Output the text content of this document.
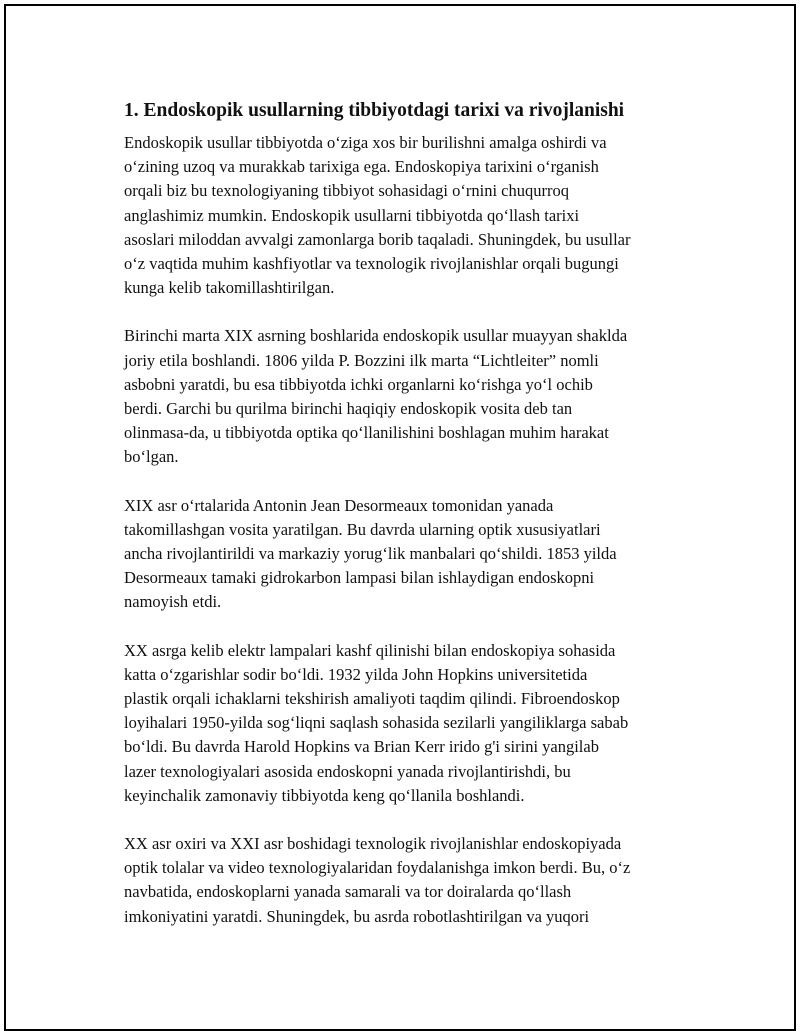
1. Endoskopik usullarning tibbiyotdagi tarixi va rivojlanishi

Endoskopik usullar tibbiyotda o‘ziga xos bir burilishni amalga oshirdi va
o‘zining uzoq va murakkab tarixiga ega. Endoskopiya tarixini o‘rganish
orqali biz bu texnologiyaning tibbiyot sohasidagi o‘rnini chuqurroq
anglashimiz mumkin. Endoskopik usullarni tibbiyotda qo‘llash tarixi
asoslari miloddan avvalgi zamonlarga borib taqaladi. Shuningdek, bu usullar
o‘z vaqtida muhim kashfiyotlar va texnologik rivojlanishlar orqali bugungi
kunga kelib takomillashtirilgan.

Birinchi marta XIX asrning boshlarida endoskopik usullar muayyan shaklda
joriy etila boshlandi. 1806 yilda P. Bozzini ilk marta “Lichtleiter” nomli
asbobni yaratdi, bu esa tibbiyotda ichki organlarni ko‘rishga yo‘l ochib
berdi. Garchi bu qurilma birinchi haqiqiy endoskopik vosita deb tan
olinmasa-da, u tibbiyotda optika qo‘llanilishini boshlagan muhim harakat
bo‘lgan.

XIX asr o‘rtalarida Antonin Jean Desormeaux tomonidan yanada
takomillashgan vosita yaratilgan. Bu davrda ularning optik xususiyatlari
ancha rivojlantirildi va markaziy yorug‘lik manbalari qo‘shildi. 1853 yilda
Desormeaux tamaki gidrokarbon lampasi bilan ishlaydigan endoskopni
namoyish etdi.

XX asrga kelib elektr lampalari kashf qilinishi bilan endoskopiya sohasida
katta o‘zgarishlar sodir bo‘ldi. 1932 yilda John Hopkins universitetida
plastik orqali ichaklarni tekshirish amaliyoti taqdim qilindi. Fibroendoskop
loyihalari 1950-yilda sog‘liqni saqlash sohasida sezilarli yangiliklarga sabab
bo‘ldi. Bu davrda Harold Hopkins va Brian Kerr irido g'i sirini yangilab
lazer texnologiyalari asosida endoskopni yanada rivojlantirishdi, bu
keyinchalik zamonaviy tibbiyotda keng qo‘llanila boshlandi.

XX asr oxiri va XXI asr boshidagi texnologik rivojlanishlar endoskopiyada
optik tolalar va video texnologiyalaridan foydalanishga imkon berdi. Bu, o‘z
navbatida, endoskoplarni yanada samarali va tor doiralarda qo‘llash
imkoniyatini yaratdi. Shuningdek, bu asrda robotlashtirilgan va yuqori
